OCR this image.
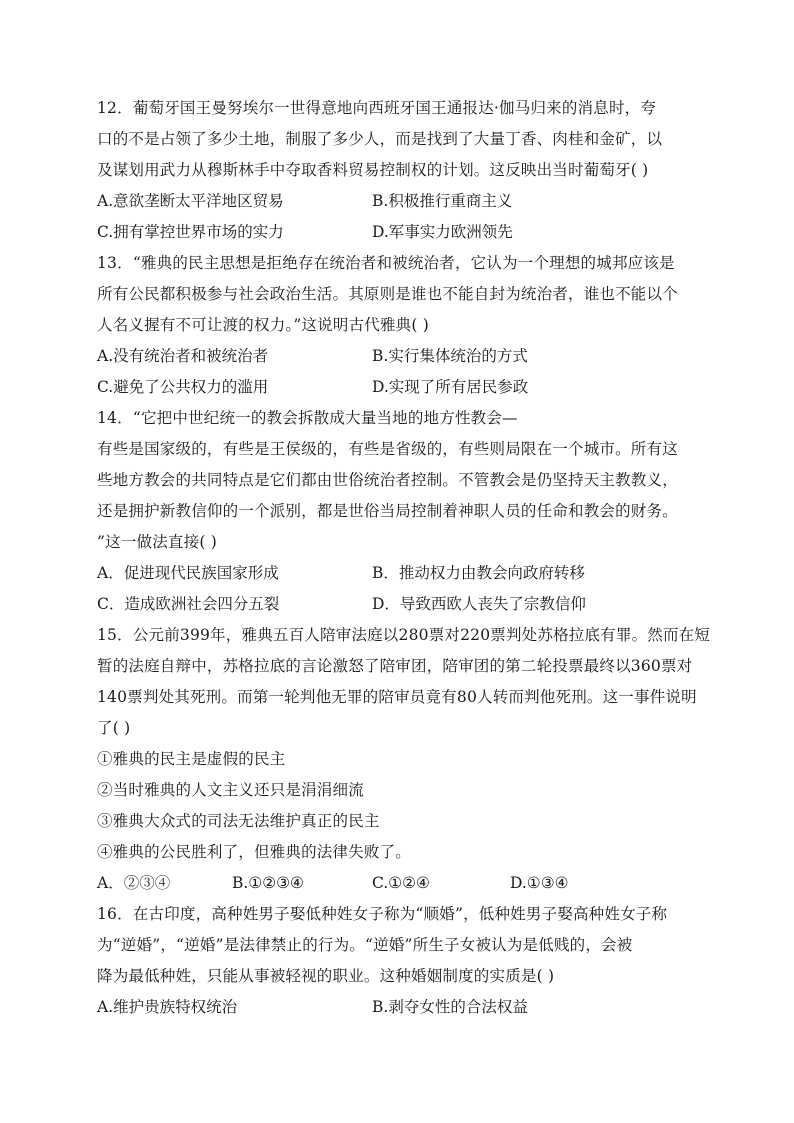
12．葡萄牙国王曼努埃尔一世得意地向西班牙国王通报达·伽马归来的消息时，夸
口的不是占领了多少土地，制服了多少人，而是找到了大量丁香、肉桂和金矿，以
及谋划用武力从穆斯林手中夺取香料贸易控制权的计划。这反映出当时葡萄牙( )
A.意欲垄断太平洋地区贸易	B.积极推行重商主义
C.拥有掌控世界市场的实力	D.军事实力欧洲领先
13．“雅典的民主思想是拒绝存在统治者和被统治者，它认为一个理想的城邦应该是
所有公民都积极参与社会政治生活。其原则是谁也不能自封为统治者，谁也不能以个
人名义握有不可让渡的权力。”这说明古代雅典( )
A.没有统治者和被统治者	B.实行集体统治的方式
C.避免了公共权力的滥用	D.实现了所有居民参政
14．“它把中世纪统一的教会拆散成大量当地的地方性教会—
有些是国家级的，有些是王侯级的，有些是省级的，有些则局限在一个城市。所有这
些地方教会的共同特点是它们都由世俗统治者控制。不管教会是仍坚持天主教教义，
还是拥护新教信仰的一个派别，都是世俗当局控制着神职人员的任命和教会的财务。
”这一做法直接( )
A．促进现代民族国家形成	B．推动权力由教会向政府转移
C．造成欧洲社会四分五裂	D．导致西欧人丧失了宗教信仰
15．公元前399年，雅典五百人陪审法庭以280票对220票判处苏格拉底有罪。然而在短
暂的法庭自辩中，苏格拉底的言论激怒了陪审团，陪审团的第二轮投票最终以360票对
140票判处其死刑。而第一轮判他无罪的陪审员竟有80人转而判他死刑。这一事件说明
了( )
①雅典的民主是虚假的民主
②当时雅典的人文主义还只是涓涓细流
③雅典大众式的司法无法维护真正的民主
④雅典的公民胜利了，但雅典的法律失败了。
A．②③④	B.①②③④	C.①②④	D.①③④
16．在古印度，高种姓男子娶低种姓女子称为“顺婚”，低种姓男子娶高种姓女子称
为“逆婚”，“逆婚”是法律禁止的行为。“逆婚”所生子女被认为是低贱的，会被
降为最低种姓，只能从事被轻视的职业。这种婚姻制度的实质是( )
A.维护贵族特权统治	B.剥夺女性的合法权益
